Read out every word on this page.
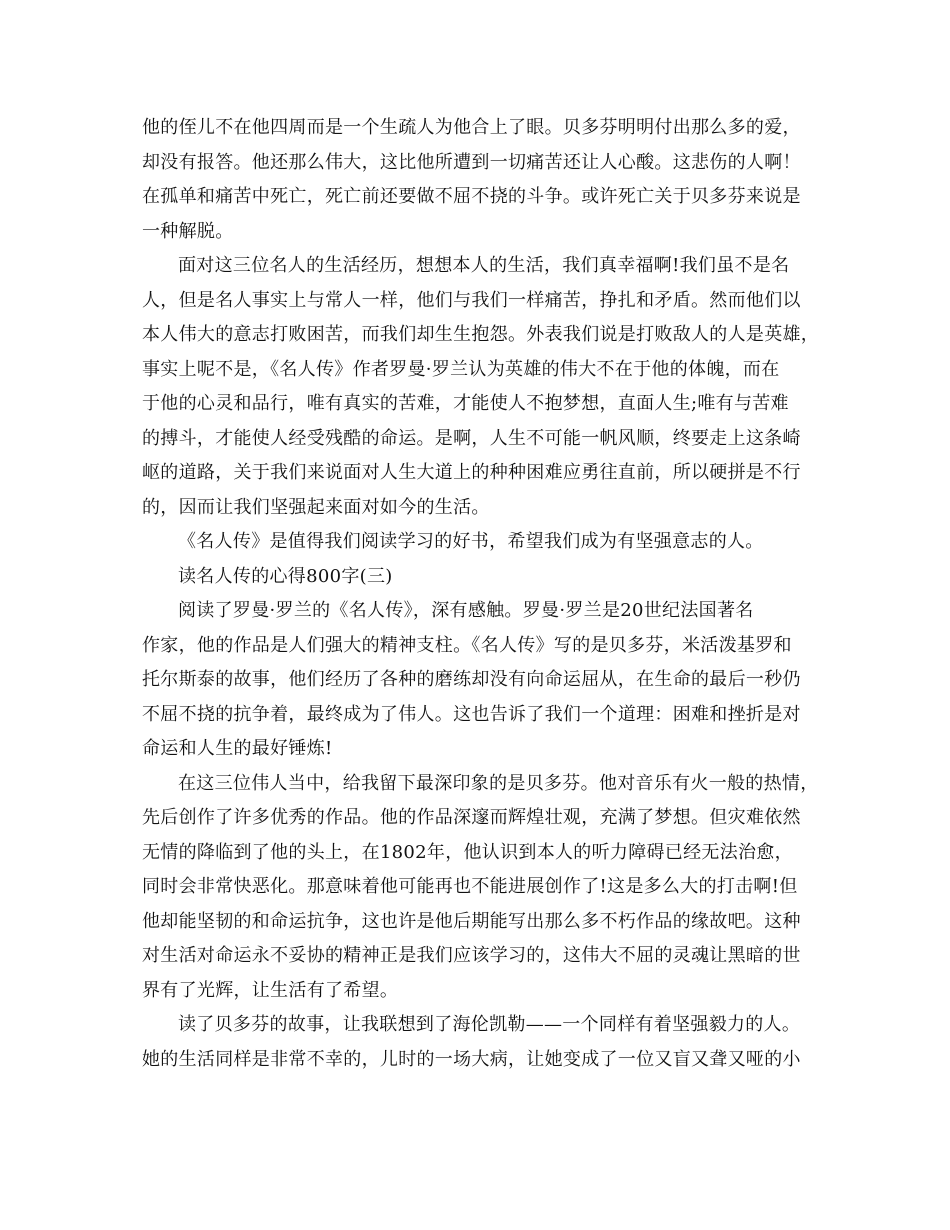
他的侄儿不在他四周而是一个生疏人为他合上了眼。贝多芬明明付出那么多的爱，
却没有报答。他还那么伟大，这比他所遭到一切痛苦还让人心酸。这悲伤的人啊！
在孤单和痛苦中死亡，死亡前还要做不屈不挠的斗争。或许死亡关于贝多芬来说是
一种解脱。
面对这三位名人的生活经历，想想本人的生活，我们真幸福啊!我们虽不是名
人，但是名人事实上与常人一样，他们与我们一样痛苦，挣扎和矛盾。然而他们以
本人伟大的意志打败困苦，而我们却生生抱怨。外表我们说是打败敌人的人是英雄，
事实上呢不是，《名人传》作者罗曼·罗兰认为英雄的伟大不在于他的体魄，而在
于他的心灵和品行，唯有真实的苦难，才能使人不抱梦想，直面人生;唯有与苦难
的搏斗，才能使人经受残酷的命运。是啊，人生不可能一帆风顺，终要走上这条崎
岖的道路，关于我们来说面对人生大道上的种种困难应勇往直前，所以硬拼是不行
的，因而让我们坚强起来面对如今的生活。
《名人传》是值得我们阅读学习的好书，希望我们成为有坚强意志的人。
读名人传的心得800字(三)
阅读了罗曼·罗兰的《名人传》，深有感触。罗曼·罗兰是20世纪法国著名
作家，他的作品是人们强大的精神支柱。《名人传》写的是贝多芬，米活泼基罗和
托尔斯泰的故事，他们经历了各种的磨练却没有向命运屈从，在生命的最后一秒仍
不屈不挠的抗争着，最终成为了伟人。这也告诉了我们一个道理：困难和挫折是对
命运和人生的最好锤炼!
在这三位伟人当中，给我留下最深印象的是贝多芬。他对音乐有火一般的热情，
先后创作了许多优秀的作品。他的作品深邃而辉煌壮观，充满了梦想。但灾难依然
无情的降临到了他的头上，在1802年，他认识到本人的听力障碍已经无法治愈，
同时会非常快恶化。那意味着他可能再也不能进展创作了!这是多么大的打击啊!但
他却能坚韧的和命运抗争，这也许是他后期能写出那么多不朽作品的缘故吧。这种
对生活对命运永不妥协的精神正是我们应该学习的，这伟大不屈的灵魂让黑暗的世
界有了光辉，让生活有了希望。
读了贝多芬的故事，让我联想到了海伦凯勒——一个同样有着坚强毅力的人。
她的生活同样是非常不幸的，儿时的一场大病，让她变成了一位又盲又聋又哑的小
